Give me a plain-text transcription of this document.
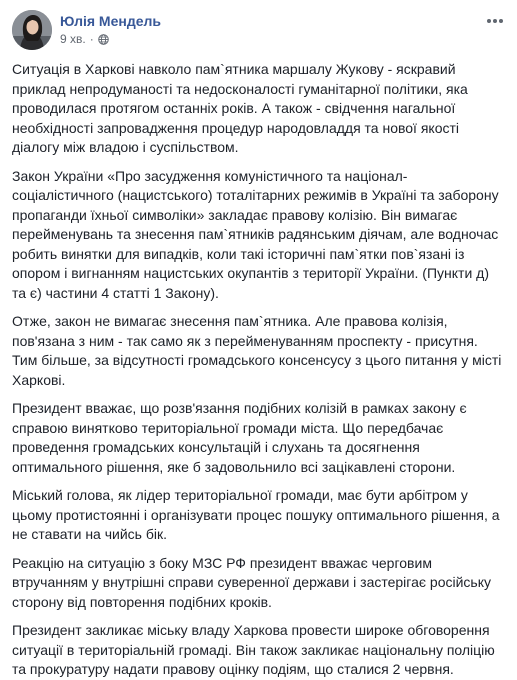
Юлія Мендель
9 хв. ·

Ситуація в Харкові навколо пам`ятника маршалу Жукову - яскравий приклад непродуманості та недосконалості гуманітарної політики, яка проводилася протягом останніх років. А також - свідчення нагальної необхідності запровадження процедур народовладдя та нової якості діалогу між владою і суспільством.

Закон України «Про засудження комуністичного та націонал-соціалістичного (нацистського) тоталітарних режимів в Україні та заборону пропаганди їхньої символіки» закладає правову колізію. Він вимагає перейменувань та знесення пам`ятників радянським діячам, але водночас робить винятки для випадків, коли такі історичні пам`ятки пов`язані із опором і вигнанням нацистських окупантів з території України. (Пункти д) та є) частини 4 статті 1 Закону).

Отже, закон не вимагає знесення пам`ятника. Але правова колізія, пов'язана з ним - так само як з перейменуванням проспекту - присутня. Тим більше, за відсутності громадського консенсусу з цього питання у місті Харкові.

Президент вважає, що розв'язання подібних колізій в рамках закону є справою винятково територіальної громади міста. Що передбачає проведення громадських консультацій і слухань та досягнення оптимального рішення, яке б задовольнило всі зацікавлені сторони.

Міський голова, як лідер територіальної громади, має бути арбітром у цьому протистоянні і організувати процес пошуку оптимального рішення, а не ставати на чийсь бік.

Реакцію на ситуацію з боку МЗС РФ президент вважає черговим втручанням у внутрішні справи суверенної держави і застерігає російську сторону від повторення подібних кроків.

Президент закликає міську владу Харкова провести широке обговорення ситуації в територіальній громаді. Він також закликає національну поліцію та прокуратуру надати правову оцінку подіям, що сталися 2 червня.
